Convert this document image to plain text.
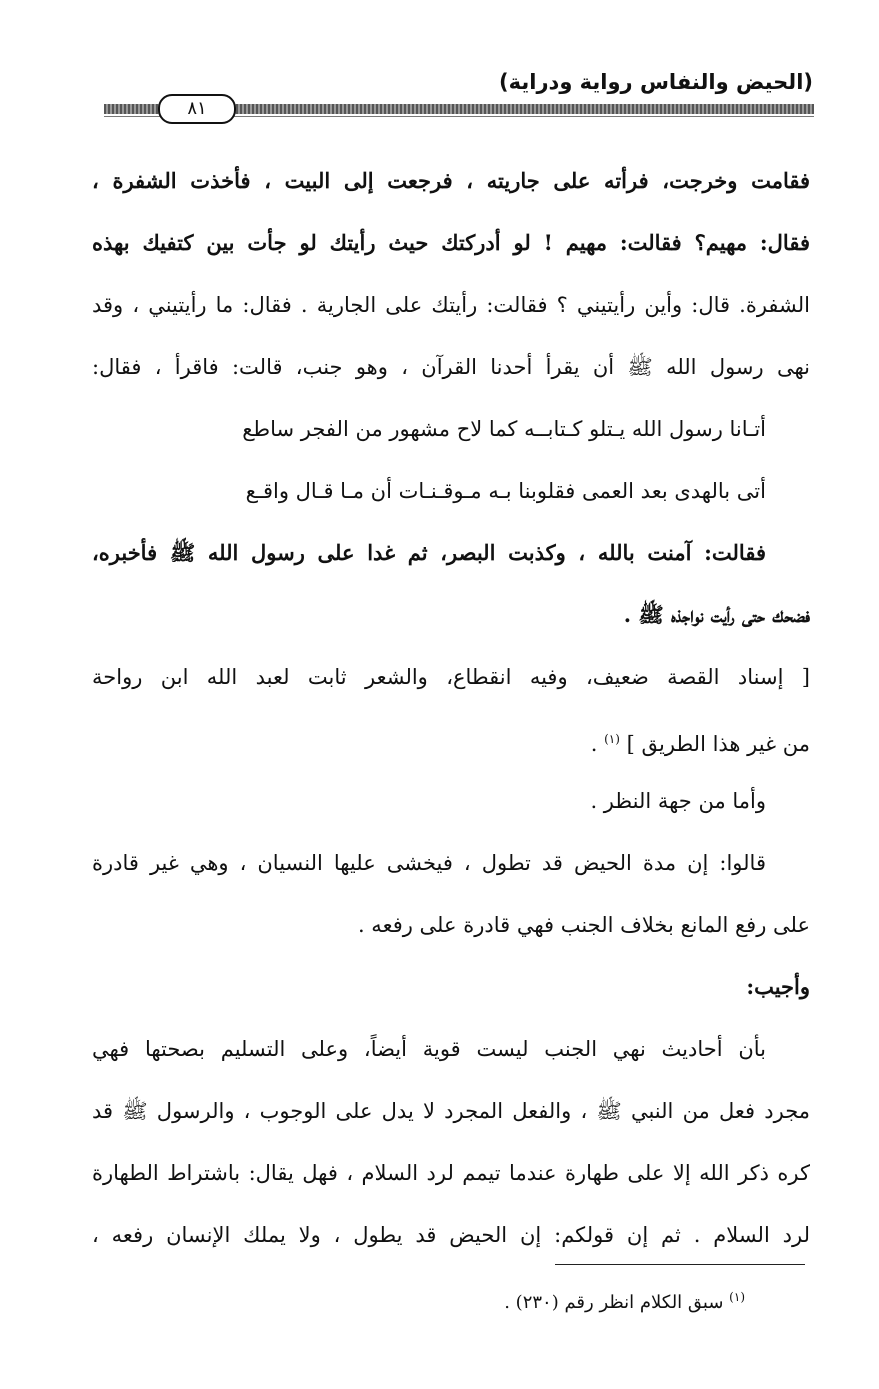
(الحيض والنفاس رواية ودراية)
٨١
فقامت وخرجت، فرأته على جاريته ، فرجعت إلى البيت ، فأخذت الشفرة ،
فقال: مهيم؟ فقالت: مهيم ! لو أدركتك حيث رأيتك لو جأت بين كتفيك بهذه
الشفرة. قال: وأين رأيتيني ؟ فقالت: رأيتك على الجارية . فقال: ما رأيتيني ، وقد
نهى رسول الله ﷺ أن يقرأ أحدنا القرآن ، وهو جنب، قالت: فاقرأ ، فقال:
أتـانا رسول الله يـتلو كـتابــه كما لاح مشهور من الفجر ساطع
أتى بالهدى بعد العمى فقلوبنا بـه مـوقـنـات أن مـا قـال واقـع
فقالت: آمنت بالله ، وكذبت البصر، ثم غدا على رسول الله ﷺ فأخبره،
فضحك حتى رأيت نواجذه ﷺ .
[ إسناد القصة ضعيف، وفيه انقطاع، والشعر ثابت لعبد الله ابن رواحة
من غير هذا الطريق ] $^{(١)}$ .
وأما من جهة النظر .
قالوا: إن مدة الحيض قد تطول ، فيخشى عليها النسيان ، وهي غير قادرة
على رفع المانع بخلاف الجنب فهي قادرة على رفعه .
وأجيب:
بأن أحاديث نهي الجنب ليست قوية أيضاً، وعلى التسليم بصحتها فهي
مجرد فعل من النبي ﷺ ، والفعل المجرد لا يدل على الوجوب ، والرسول ﷺ قد
كره ذكر الله إلا على طهارة عندما تيمم لرد السلام ، فهل يقال: باشتراط الطهارة
لرد السلام . ثم إن قولكم: إن الحيض قد يطول ، ولا يملك الإنسان رفعه ،
$^{(١)}$ سبق الكلام انظر رقم (٢٣٠) .
